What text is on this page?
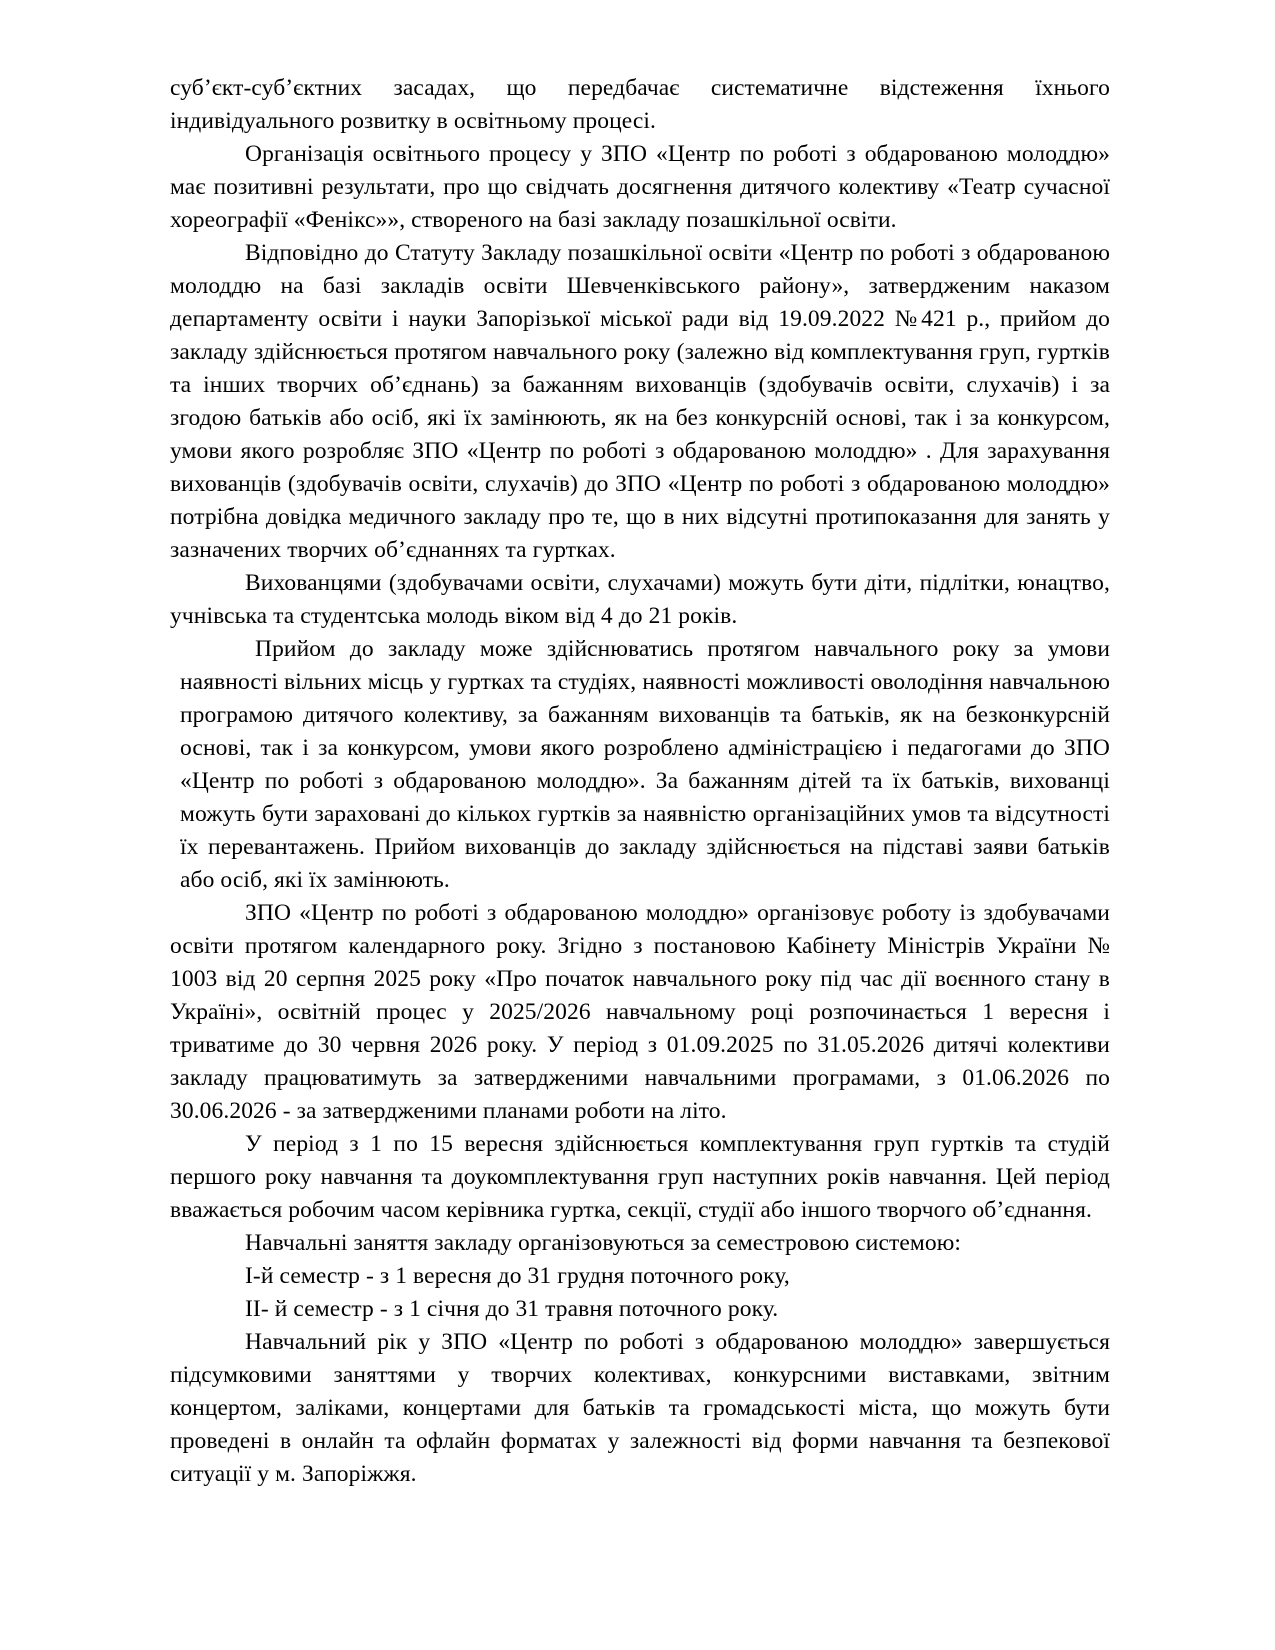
суб’єкт-суб’єктних засадах, що передбачає систематичне відстеження їхнього індивідуального розвитку в освітньому процесі.

Організація освітнього процесу у ЗПО «Центр по роботі з обдарованою молоддю» має позитивні результати, про що свідчать досягнення дитячого колективу «Театр сучасної хореографії «Фенікс»», створеного на базі закладу позашкільної освіти.

Відповідно до Статуту Закладу позашкільної освіти «Центр по роботі з обдарованою молоддю на базі закладів освіти Шевченківського району», затвердженим наказом департаменту освіти і науки Запорізької міської ради від 19.09.2022 №421 р., прийом до закладу здійснюється протягом навчального року (залежно від комплектування груп, гуртків та інших творчих об’єднань) за бажанням вихованців (здобувачів освіти, слухачів) і за згодою батьків або осіб, які їх замінюють, як на без конкурсній основі, так і за конкурсом, умови якого розробляє ЗПО «Центр по роботі з обдарованою молоддю» . Для зарахування вихованців (здобувачів освіти, слухачів) до ЗПО «Центр по роботі з обдарованою молоддю» потрібна довідка медичного закладу про те, що в них відсутні протипоказання для занять у зазначених творчих об’єднаннях та гуртках.

Вихованцями (здобувачами освіти, слухачами) можуть бути діти, підлітки, юнацтво, учнівська та студентська молодь віком від 4 до 21 років.

Прийом до закладу може здійснюватись протягом навчального року за умови наявності вільних місць у гуртках та студіях, наявності можливості оволодіння навчальною програмою дитячого колективу, за бажанням вихованців та батьків, як на безконкурсній основі, так і за конкурсом, умови якого розроблено адміністрацією і педагогами до ЗПО «Центр по роботі з обдарованою молоддю». За бажанням дітей та їх батьків, вихованці можуть бути зараховані до кількох гуртків за наявністю організаційних умов та відсутності їх перевантажень. Прийом вихованців до закладу здійснюється на підставі заяви батьків або осіб, які їх замінюють.

ЗПО «Центр по роботі з обдарованою молоддю» організовує роботу із здобувачами освіти протягом календарного року. Згідно з постановою Кабінету Міністрів України № 1003 від 20 серпня 2025 року «Про початок навчального року під час дії воєнного стану в Україні», освітній процес у 2025/2026 навчальному році розпочинається 1 вересня і триватиме до 30 червня 2026 року. У період з 01.09.2025 по 31.05.2026 дитячі колективи закладу працюватимуть за затвердженими навчальними програмами, з 01.06.2026 по 30.06.2026 - за затвердженими планами роботи на літо.

У період з 1 по 15 вересня здійснюється комплектування груп гуртків та студій першого року навчання та доукомплектування груп наступних років навчання. Цей період вважається робочим часом керівника гуртка, секції, студії або іншого творчого об’єднання.

Навчальні заняття закладу організовуються за семестровою системою:

І-й семестр - з 1 вересня до 31 грудня поточного року,

ІІ- й семестр - з 1 січня до 31 травня поточного року.

Навчальний рік у ЗПО «Центр по роботі з обдарованою молоддю» завершується підсумковими заняттями у творчих колективах, конкурсними виставками, звітним концертом, заліками, концертами для батьків та громадськості міста, що можуть бути проведені в онлайн та офлайн форматах у залежності від форми навчання та безпекової ситуації у м. Запоріжжя.
